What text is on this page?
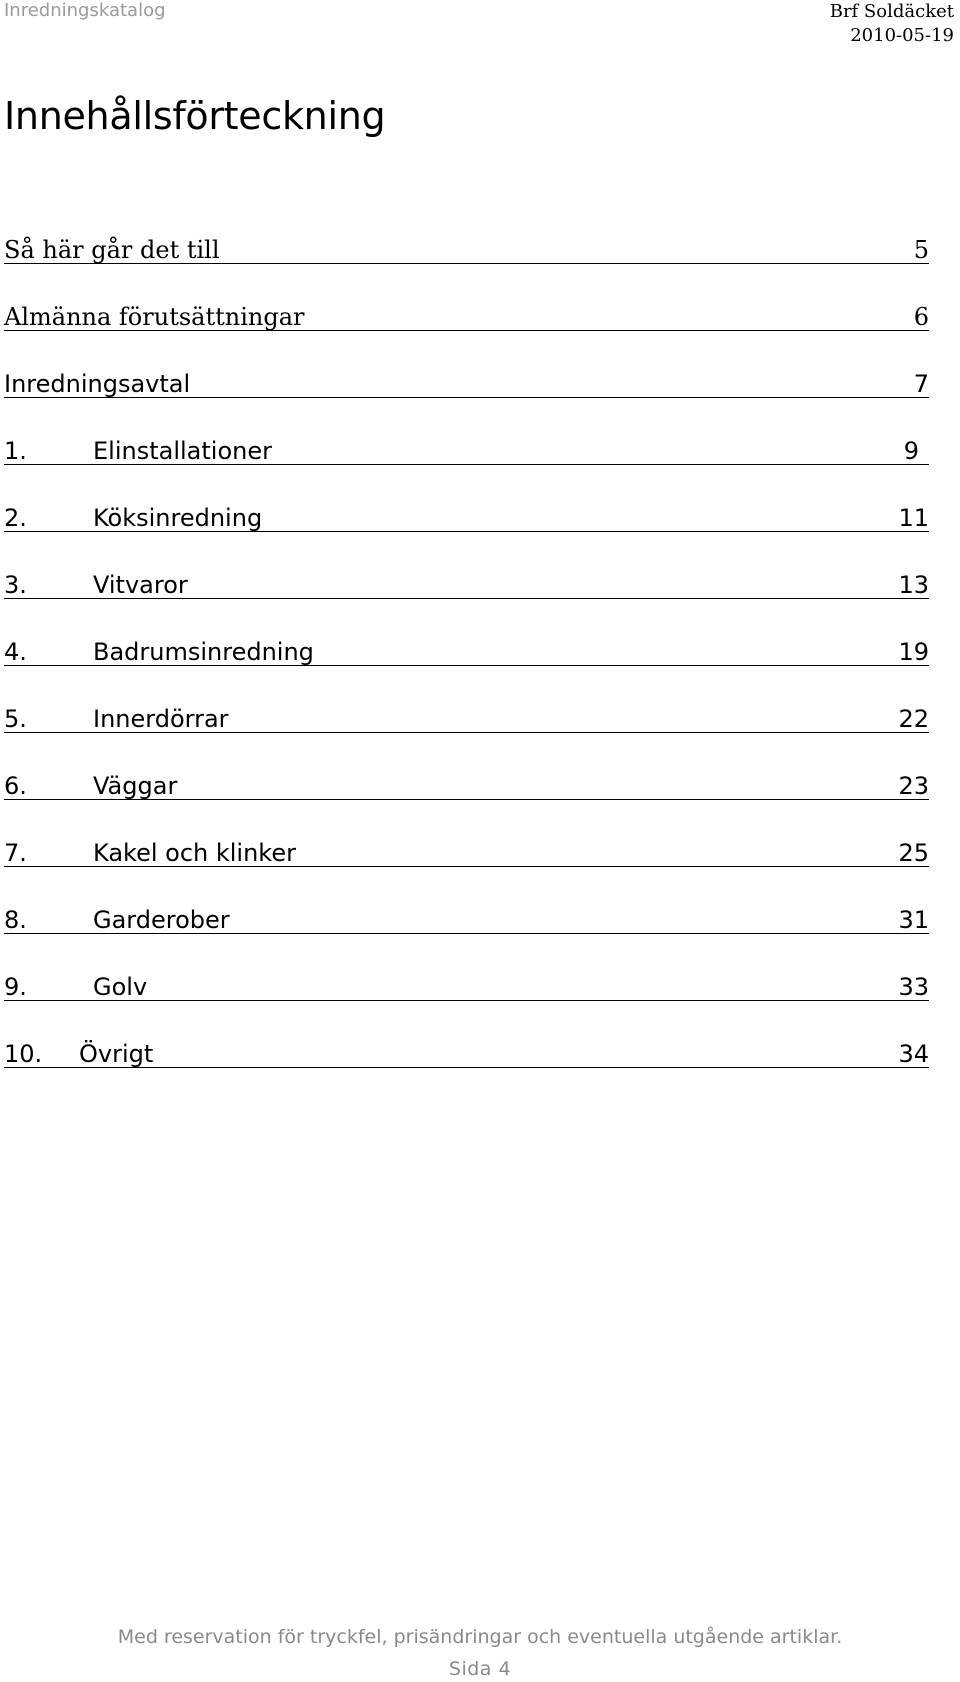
Inredningskatalog	Brf Soldäcket
2010-05-19
Innehållsförteckning
Så här går det till	5
Almänna förutsättningar	6
Inredningsavtal	7
1.	Elinstallationer	9
2.	Köksinredning	11
3.	Vitvaror	13
4.	Badrumsinredning	19
5.	Innerdörrar	22
6.	Väggar	23
7.	Kakel och klinker	25
8.	Garderober	31
9.	Golv	33
10. Övrigt	34
Med reservation för tryckfel, prisändringar och eventuella utgående artiklar.
Sida 4
